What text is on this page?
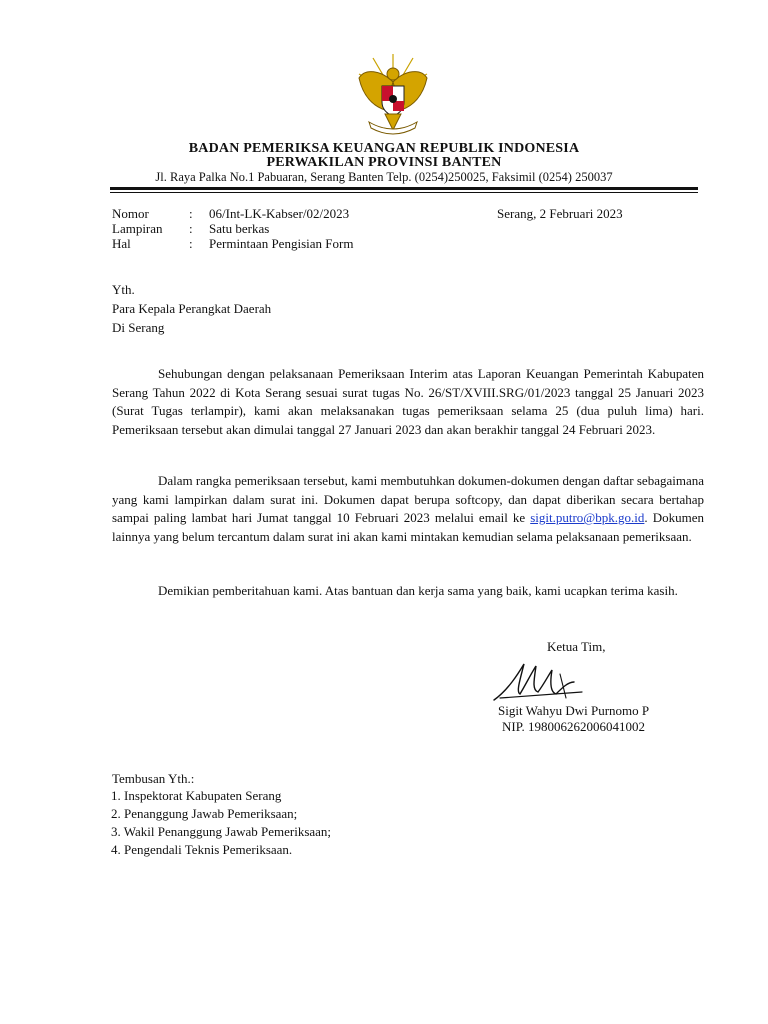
BADAN PEMERIKSA KEUANGAN REPUBLIK INDONESIA
PERWAKILAN PROVINSI BANTEN
Jl. Raya Palka No.1 Pabuaran, Serang Banten Telp. (0254)250025, Faksimil (0254) 250037
Nomor	: 06/Int-LK-Kabser/02/2023
Lampiran : Satu berkas
Hal	: Permintaan Pengisian Form
Serang, 2 Februari 2023
Yth.
Para Kepala Perangkat Daerah
Di Serang
Sehubungan dengan pelaksanaan Pemeriksaan Interim atas Laporan Keuangan Pemerintah Kabupaten Serang Tahun 2022 di Kota Serang sesuai surat tugas No. 26/ST/XVIII.SRG/01/2023 tanggal 25 Januari 2023 (Surat Tugas terlampir), kami akan melaksanakan tugas pemeriksaan selama 25 (dua puluh lima) hari. Pemeriksaan tersebut akan dimulai tanggal 27 Januari 2023 dan akan berakhir tanggal 24 Februari 2023.
Dalam rangka pemeriksaan tersebut, kami membutuhkan dokumen-dokumen dengan daftar sebagaimana yang kami lampirkan dalam surat ini. Dokumen dapat berupa softcopy, dan dapat diberikan secara bertahap sampai paling lambat hari Jumat tanggal 10 Februari 2023 melalui email ke sigit.putro@bpk.go.id. Dokumen lainnya yang belum tercantum dalam surat ini akan kami mintakan kemudian selama pelaksanaan pemeriksaan.
Demikian pemberitahuan kami. Atas bantuan dan kerja sama yang baik, kami ucapkan terima kasih.
Ketua Tim,
Sigit Wahyu Dwi Purnomo P
NIP. 198006262006041002
Tembusan Yth.:
1. Inspektorat Kabupaten Serang
2. Penanggung Jawab Pemeriksaan;
3. Wakil Penanggung Jawab Pemeriksaan;
4. Pengendali Teknis Pemeriksaan.
